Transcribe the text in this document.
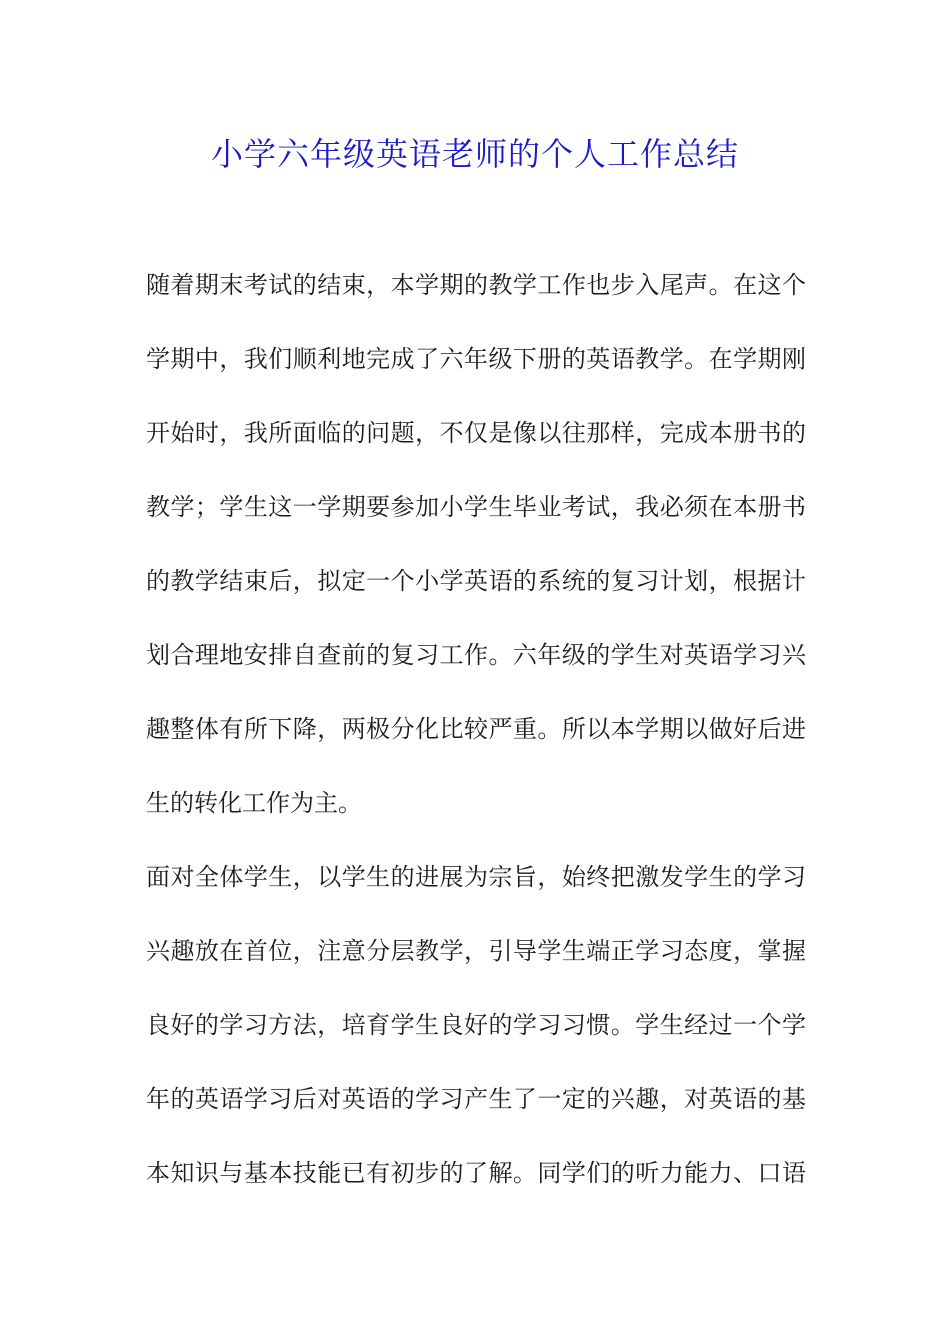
小学六年级英语老师的个人工作总结
随着期末考试的结束，本学期的教学工作也步入尾声。在这个
学期中，我们顺利地完成了六年级下册的英语教学。在学期刚
开始时，我所面临的问题，不仅是像以往那样，完成本册书的
教学；学生这一学期要参加小学生毕业考试，我必须在本册书
的教学结束后，拟定一个小学英语的系统的复习计划，根据计
划合理地安排自查前的复习工作。六年级的学生对英语学习兴
趣整体有所下降，两极分化比较严重。所以本学期以做好后进
生的转化工作为主。
面对全体学生，以学生的进展为宗旨，始终把激发学生的学习
兴趣放在首位，注意分层教学，引导学生端正学习态度，掌握
良好的学习方法，培育学生良好的学习习惯。学生经过一个学
年的英语学习后对英语的学习产生了一定的兴趣，对英语的基
本知识与基本技能已有初步的了解。同学们的听力能力、口语
